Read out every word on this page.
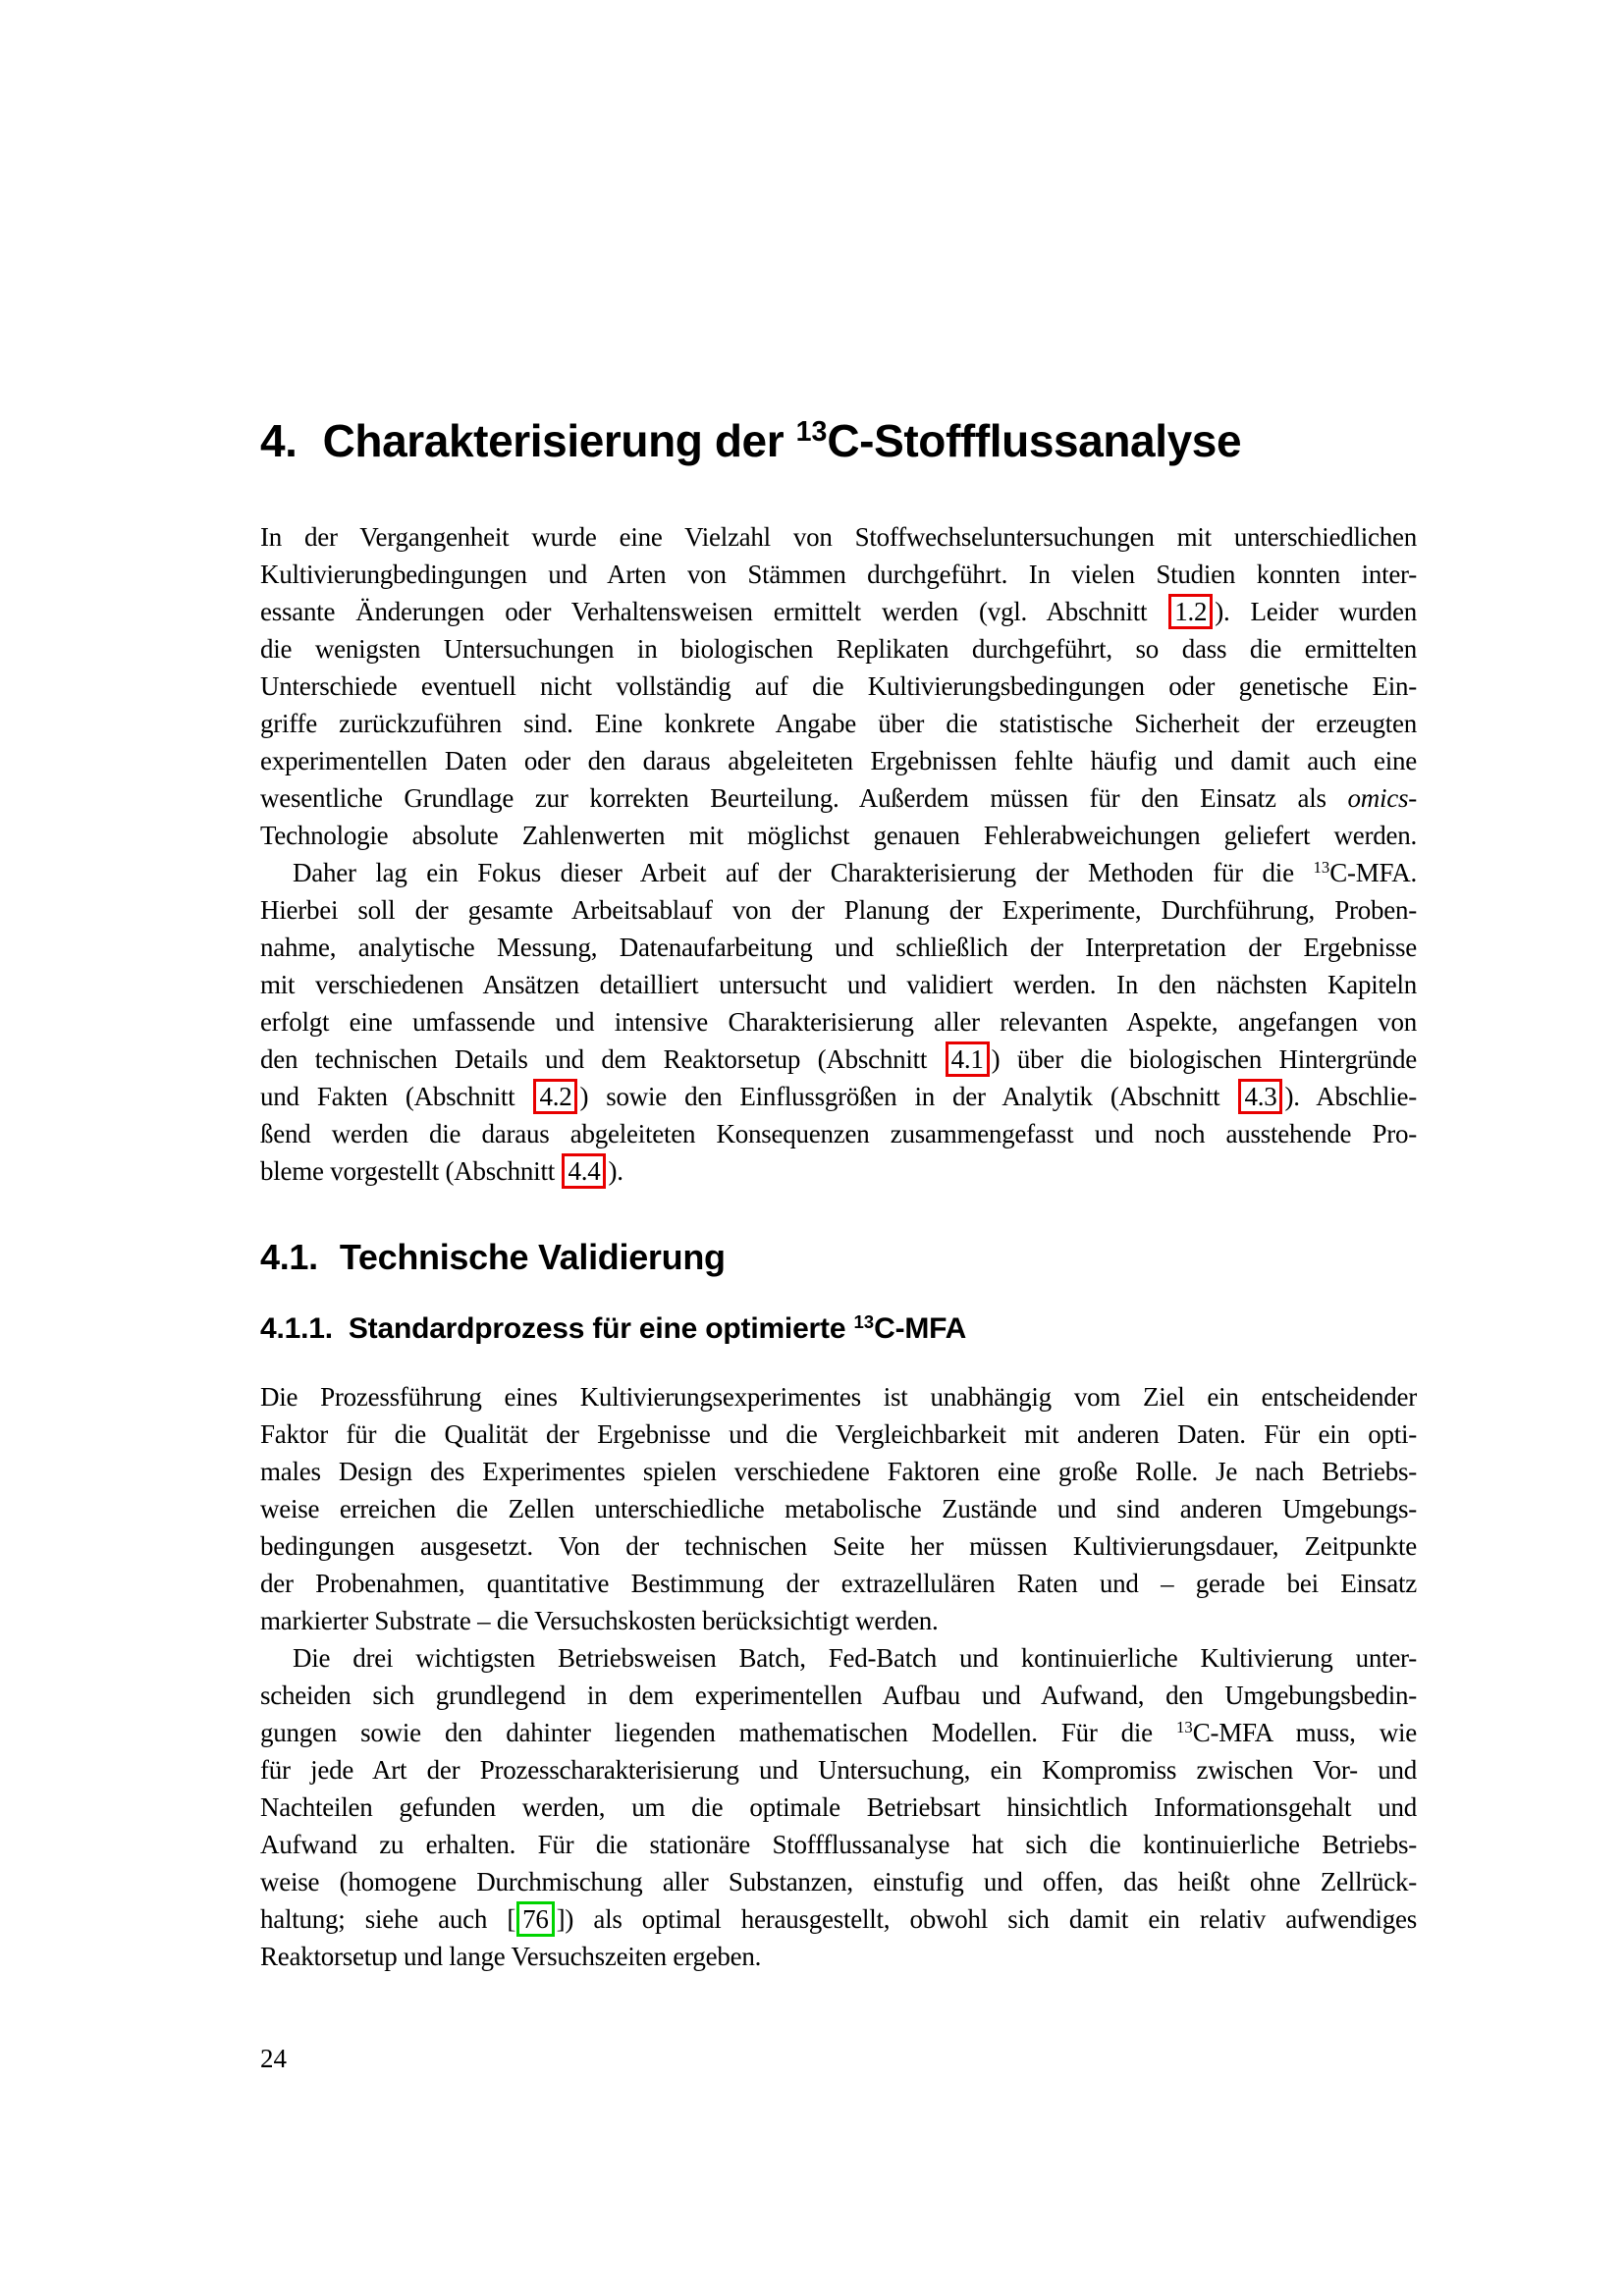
4. Charakterisierung der $^{13}$C-Stoffflussanalyse
In der Vergangenheit wurde eine Vielzahl von Stoffwechseluntersuchungen mit unterschiedlichen
Kultivierungbedingungen und Arten von Stämmen durchgeführt. In vielen Studien konnten inter-
essante Änderungen oder Verhaltensweisen ermittelt werden (vgl. Abschnitt 1.2 ). Leider wurden
die wenigsten Untersuchungen in biologischen Replikaten durchgeführt, so dass die ermittelten
Unterschiede eventuell nicht vollständig auf die Kultivierungsbedingungen oder genetische Ein-
griffe zurückzuführen sind. Eine konkrete Angabe über die statistische Sicherheit der erzeugten
experimentellen Daten oder den daraus abgeleiteten Ergebnissen fehlte häufig und damit auch eine
wesentliche Grundlage zur korrekten Beurteilung. Außerdem müssen für den Einsatz als omics-
Technologie absolute Zahlenwerten mit möglichst genauen Fehlerabweichungen geliefert werden.
Daher lag ein Fokus dieser Arbeit auf der Charakterisierung der Methoden für die $^{13}$C-MFA.
Hierbei soll der gesamte Arbeitsablauf von der Planung der Experimente, Durchführung, Proben-
nahme, analytische Messung, Datenaufarbeitung und schließlich der Interpretation der Ergebnisse
mit verschiedenen Ansätzen detailliert untersucht und validiert werden. In den nächsten Kapiteln
erfolgt eine umfassende und intensive Charakterisierung aller relevanten Aspekte, angefangen von
den technischen Details und dem Reaktorsetup (Abschnitt 4.1 ) über die biologischen Hintergründe
und Fakten (Abschnitt 4.2 ) sowie den Einflussgrößen in der Analytik (Abschnitt 4.3 ). Abschlie-
ßend werden die daraus abgeleiteten Konsequenzen zusammengefasst und noch ausstehende Pro-
bleme vorgestellt (Abschnitt 4.4 ).
4.1. Technische Validierung
4.1.1. Standardprozess für eine optimierte $^{13}$C-MFA
Die Prozessführung eines Kultivierungsexperimentes ist unabhängig vom Ziel ein entscheidender
Faktor für die Qualität der Ergebnisse und die Vergleichbarkeit mit anderen Daten. Für ein opti-
males Design des Experimentes spielen verschiedene Faktoren eine große Rolle. Je nach Betriebs-
weise erreichen die Zellen unterschiedliche metabolische Zustände und sind anderen Umgebungs-
bedingungen ausgesetzt. Von der technischen Seite her müssen Kultivierungsdauer, Zeitpunkte
der Probenahmen, quantitative Bestimmung der extrazellulären Raten und – gerade bei Einsatz
markierter Substrate – die Versuchskosten berücksichtigt werden.
Die drei wichtigsten Betriebsweisen Batch, Fed-Batch und kontinuierliche Kultivierung unter-
scheiden sich grundlegend in dem experimentellen Aufbau und Aufwand, den Umgebungsbedin-
gungen sowie den dahinter liegenden mathematischen Modellen. Für die $^{13}$C-MFA muss, wie
für jede Art der Prozesscharakterisierung und Untersuchung, ein Kompromiss zwischen Vor- und
Nachteilen gefunden werden, um die optimale Betriebsart hinsichtlich Informationsgehalt und
Aufwand zu erhalten. Für die stationäre Stoffflussanalyse hat sich die kontinuierliche Betriebs-
weise (homogene Durchmischung aller Substanzen, einstufig und offen, das heißt ohne Zellrück-
haltung; siehe auch [ 76 ]) als optimal herausgestellt, obwohl sich damit ein relativ aufwendiges
Reaktorsetup und lange Versuchszeiten ergeben.
24
